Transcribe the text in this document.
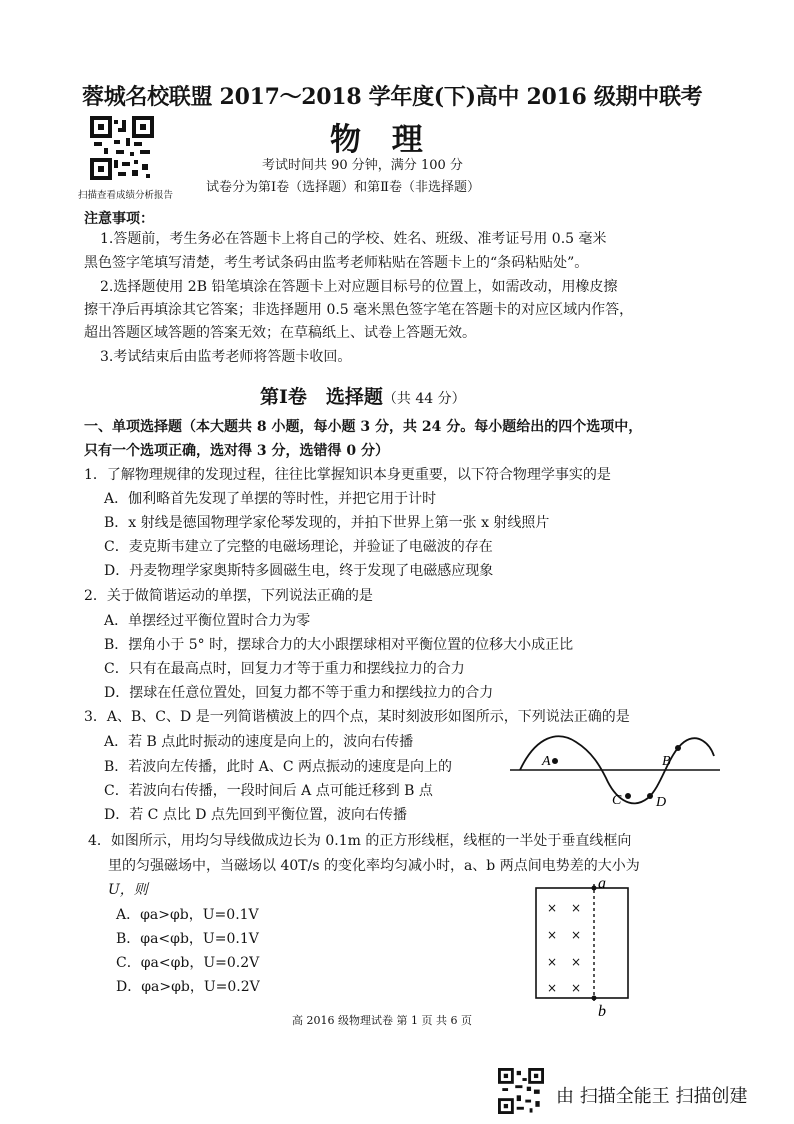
蓉城名校联盟 2017～2018 学年度(下)高中 2016 级期中联考
扫描查看成绩分析报告
物 理
考试时间共 90 分钟，满分 100 分
试卷分为第Ⅰ卷（选择题）和第Ⅱ卷（非选择题）
注意事项：
1.答题前，考生务必在答题卡上将自己的学校、姓名、班级、准考证号用 0.5 毫米
黑色签字笔填写清楚，考生考试条码由监考老师粘贴在答题卡上的“条码粘贴处”。
2.选择题使用 2B 铅笔填涂在答题卡上对应题目标号的位置上，如需改动，用橡皮擦
擦干净后再填涂其它答案；非选择题用 0.5 毫米黑色签字笔在答题卡的对应区域内作答，
超出答题区域答题的答案无效；在草稿纸上、试卷上答题无效。
3.考试结束后由监考老师将答题卡收回。
第Ⅰ卷　选择题（共 44 分）
一、单项选择题（本大题共 8 小题，每小题 3 分，共 24 分。每小题给出的四个选项中，
只有一个选项正确，选对得 3 分，选错得 0 分）
1．了解物理规律的发现过程，往往比掌握知识本身更重要，以下符合物理学事实的是
A．伽利略首先发现了单摆的等时性，并把它用于计时
B．x 射线是德国物理学家伦琴发现的，并拍下世界上第一张 x 射线照片
C．麦克斯韦建立了完整的电磁场理论，并验证了电磁波的存在
D．丹麦物理学家奥斯特多圆磁生电，终于发现了电磁感应现象
2．关于做简谐运动的单摆，下列说法正确的是
A．单摆经过平衡位置时合力为零
B．摆角小于 5° 时，摆球合力的大小跟摆球相对平衡位置的位移大小成正比
C．只有在最高点时，回复力才等于重力和摆线拉力的合力
D．摆球在任意位置处，回复力都不等于重力和摆线拉力的合力
3．A、B、C、D 是一列简谐横波上的四个点，某时刻波形如图所示，下列说法正确的是
A．若 B 点此时振动的速度是向上的，波向右传播
B．若波向左传播，此时 A、C 两点振动的速度是向上的
C．若波向右传播，一段时间后 A 点可能迁移到 B 点
D．若 C 点比 D 点先回到平衡位置，波向右传播
A	B
C D
4．如图所示，用均匀导线做成边长为 0.1m 的正方形线框，线框的一半处于垂直线框向
里的匀强磁场中，当磁场以 40T/s 的变化率均匀减小时，a、b 两点间电势差的大小为
U，则
A．φa>φb，U=0.1V
B．φa<φb，U=0.1V
C．φa<φb，U=0.2V
D．φa>φb，U=0.2V
a
b
× ×
× ×
× ×
× ×
高 2016 级物理试卷 第 1 页 共 6 页
由 扫描全能王 扫描创建
